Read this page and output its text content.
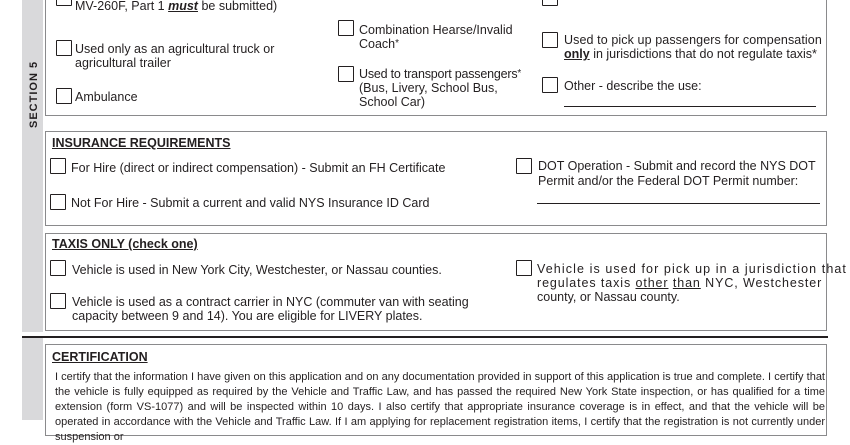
SECTION 5
MV-260F, Part 1 must be submitted)
Used only as an agricultural truck or
agricultural trailer
Ambulance
Combination Hearse/Invalid
Coach*
Used to transport passengers*
(Bus, Livery, School Bus,
School Car)
Used to pick up passengers for compensation
only in jurisdictions that do not regulate taxis*
Other - describe the use:
INSURANCE REQUIREMENTS
For Hire (direct or indirect compensation) - Submit an FH Certificate
Not For Hire - Submit a current and valid NYS Insurance ID Card
DOT Operation - Submit and record the NYS DOT
Permit and/or the Federal DOT Permit number:
TAXIS ONLY (check one)
Vehicle is used in New York City, Westchester, or Nassau counties.
Vehicle is used as a contract carrier in NYC (commuter van with seating
capacity between 9 and 14). You are eligible for LIVERY plates.
Vehicle is used for pick up in a jurisdiction that
regulates taxis other than NYC, Westchester
county, or Nassau county.
CERTIFICATION
I certify that the information I have given on this application and on any documentation provided in support of this application is true and complete. I certify that the vehicle is fully equipped as required by the Vehicle and Traffic Law, and has passed the required New York State inspection, or has qualified for a time extension (form VS-1077) and will be inspected within 10 days. I also certify that appropriate insurance coverage is in effect, and that the vehicle will be operated in accordance with the Vehicle and Traffic Law. If I am applying for replacement registration items, I certify that the registration is not currently under suspension or
